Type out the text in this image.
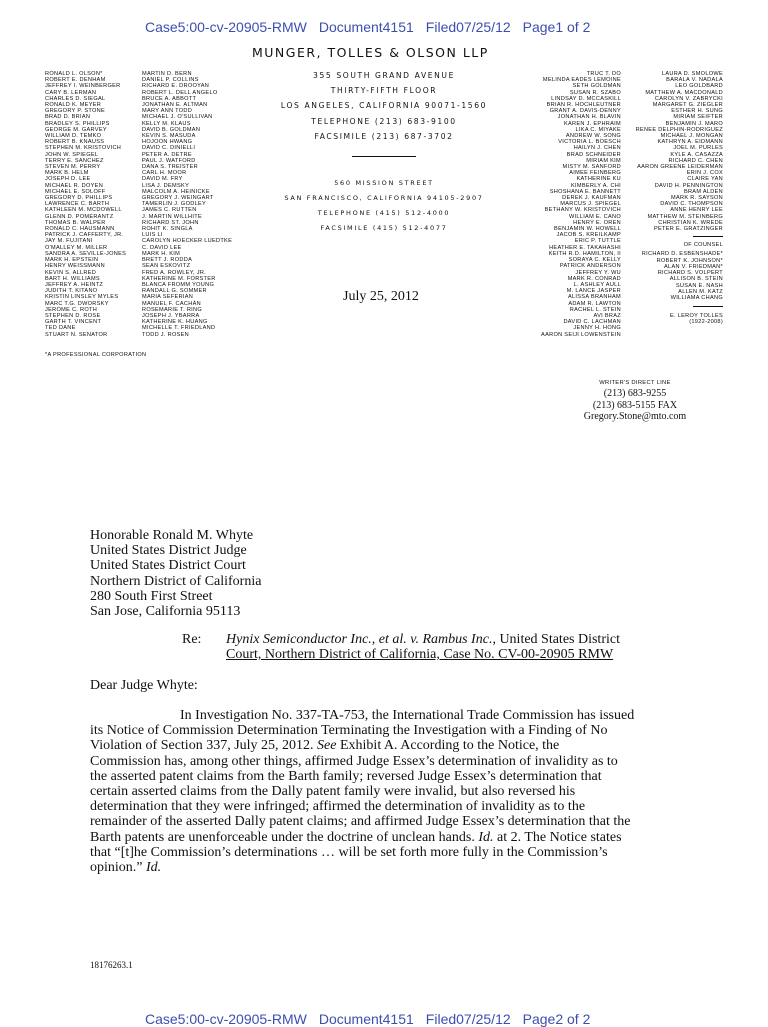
Case5:00-cv-20905-RMW Document4151 Filed07/25/12 Page1 of 2
MUNGER, TOLLES & OLSON LLP
RONALD L. OLSON*
ROBERT E. DENHAM
JEFFREY I. WEINBERGER
CARY B. LERMAN
CHARLES D. SIEGAL
RONALD K. MEYER
GREGORY P. STONE
BRAD D. BRIAN
BRADLEY S. PHILLIPS
GEORGE M. GARVEY
WILLIAM D. TEMKO
ROBERT B. KNAUSS
STEPHEN M. KRISTOVICH
JOHN W. SPIEGEL
TERRY E. SANCHEZ
STEVEN M. PERRY
MARK B. HELM
JOSEPH D. LEE
MICHAEL R. DOYEN
MICHAEL E. SOLOFF
GREGORY D. PHILLIPS
LAWRENCE C. BARTH
KATHLEEN M. MCDOWELL
GLENN D. POMERANTZ
THOMAS B. WALPER
RONALD C. HAUSMANN
PATRICK J. CAFFERTY, JR.
JAY M. FUJITANI
O'MALLEY M. MILLER
SANDRA A. SEVILLE-JONES
MARK H. EPSTEIN
HENRY WEISSMANN
KEVIN S. ALLRED
BART H. WILLIAMS
JEFFREY A. HEINTZ
JUDITH T. KITANO
KRISTIN LINSLEY MYLES
MARC T.G. DWORSKY
JEROME C. ROTH
STEPHEN D. ROSE
GARTH T. VINCENT
TED DANE
STUART N. SENATOR
MARTIN D. BERN
DANIEL P. COLLINS
RICHARD E. DROOYAN
ROBERT L. DELL ANGELO
BRUCE A. ABBOTT
JONATHAN E. ALTMAN
MARY ANN TODD
MICHAEL J. O'SULLIVAN
KELLY M. KLAUS
DAVID B. GOLDMAN
KEVIN S. MASUDA
HOJOON HWANG
DAVID C. DINIELLI
PETER A. DETRE
PAUL J. WATFORD
DANA S. TREISTER
CARL H. MOOR
DAVID M. FRY
LISA J. DEMSKY
MALCOLM A. HEINICKE
GREGORY J. WEINGART
TAMERLIN J. GODLEY
JAMES C. RUTTEN
J. MARTIN WILLHITE
RICHARD ST. JOHN
ROHIT K. SINGLA
LUIS LI
CAROLYN HOECKER LUEDTKE
C. DAVID LEE
MARK H. KIM
BRETT J. RODDA
SEAN ESKOVITZ
FRED A. ROWLEY, JR.
KATHERINE M. FORSTER
BLANCA FROMM YOUNG
RANDALL G. SOMMER
MARIA SEFERIAN
MANUEL F. CACHÁN
ROSEMARIE T. RING
JOSEPH J. YBARRA
KATHERINE K. HUANG
MICHELLE T. FRIEDLAND
TODD J. ROSEN
TRUC T. DO
MELINDA EADES LEMOINE
SETH GOLDMAN
SUSAN R. SZABO
LINDSAY D. MCCASKILL
BRIAN R. HOCHLEUTNER
GRANT A. DAVIS-DENNY
JONATHAN H. BLAVIN
KAREN J. EPHRAIM
LIKA C. MIYAKE
ANDREW W. SONG
VICTORIA L. BOESCH
HAILYN J. CHEN
BRAD SCHNEIDER
MIRIAM KIM
MISTY M. SANFORD
AIMEE FEINBERG
KATHERINE KU
KIMBERLY A. CHI
SHOSHANA E. BANNETT
DEREK J. KAUFMAN
MARCUS J. SPIEGEL
BETHANY W. KRISTOVICH
WILLIAM E. CANO
HENRY E. OREN
BENJAMIN W. HOWELL
JACOB S. KREILKAMP
ERIC P. TUTTLE
HEATHER E. TAKAHASHI
KEITH R.D. HAMILTON, II
SORAYA C. KELLY
PATRICK ANDERSON
JEFFREY Y. WU
MARK R. CONRAD
L. ASHLEY AULL
M. LANCE JASPER
ALISSA BRANHAM
ADAM R. LAWTON
RACHEL L. STEIN
AVI BRAZ
DAVID C. LACHMAN
JENNY H. HONG
AARON SEIJI LOWENSTEIN
LAURA D. SMOLOWE
BARALA V. NADALA
LEO GOLDBARD
MATTHEW A. MACDONALD
CAROLYN V. ZABRYCKI
MARGARET G. ZIEGLER
ESTHER H. SUNG
MIRIAM SEIFTER
BENJAMIN J. MARO
RENEE DELPHIN-RODRIGUEZ
MICHAEL J. MONGAN
KATHRYN A. EIDMANN
JOEL M. PURLES
KYLE A. CASAZZA
RICHARD C. CHEN
AARON GREENE LEIDERMAN
ERIN J. COX
CLAIRE YAN
DAVID H. PENNINGTON
BRAM ALDEN
MARK R. SAYSON
DAVID C. THOMPSON
ANNE HENRY LEE
MATTHEW M. STEINBERG
CHRISTIAN K. WREDE
PETER E. GRATZINGER
OF COUNSEL
RICHARD D. ESBENSHADE*
ROBERT K. JOHNSON*
ALAN V. FRIEDMAN*
RICHARD S. VOLPERT
ALLISON B. STEIN
SUSAN E. NASH
ALLEN M. KATZ
WILLIAMA CHANG
E. LEROY TOLLES
(1922-2008)
*A PROFESSIONAL CORPORATION
355 SOUTH GRAND AVENUE
THIRTY-FIFTH FLOOR
LOS ANGELES, CALIFORNIA 90071-1560
TELEPHONE (213) 683-9100
FACSIMILE (213) 687-3702
560 MISSION STREET
SAN FRANCISCO, CALIFORNIA 94105-2907
TELEPHONE (415) 512-4000
FACSIMILE (415) 512-4077
July 25, 2012
WRITER'S DIRECT LINE
(213) 683-9255
(213) 683-5155 FAX
Gregory.Stone@mto.com
Honorable Ronald M. Whyte
United States District Judge
United States District Court
Northern District of California
280 South First Street
San Jose, California 95113
Re: Hynix Semiconductor Inc., et al. v. Rambus Inc., United States District
Court, Northern District of California, Case No. CV-00-20905 RMW
Dear Judge Whyte:
In Investigation No. 337-TA-753, the International Trade Commission has issued
its Notice of Commission Determination Terminating the Investigation with a Finding of No
Violation of Section 337, July 25, 2012. See Exhibit A. According to the Notice, the
Commission has, among other things, affirmed Judge Essex’s determination of invalidity as to
the asserted patent claims from the Barth family; reversed Judge Essex’s determination that
certain asserted claims from the Dally patent family were invalid, but also reversed his
determination that they were infringed; affirmed the determination of invalidity as to the
remainder of the asserted Dally patent claims; and affirmed Judge Essex’s determination that the
Barth patents are unenforceable under the doctrine of unclean hands. Id. at 2. The Notice states
that “[t]he Commission’s determinations … will be set forth more fully in the Commission’s
opinion.” Id.
18176263.1
Case5:00-cv-20905-RMW Document4151 Filed07/25/12 Page2 of 2
